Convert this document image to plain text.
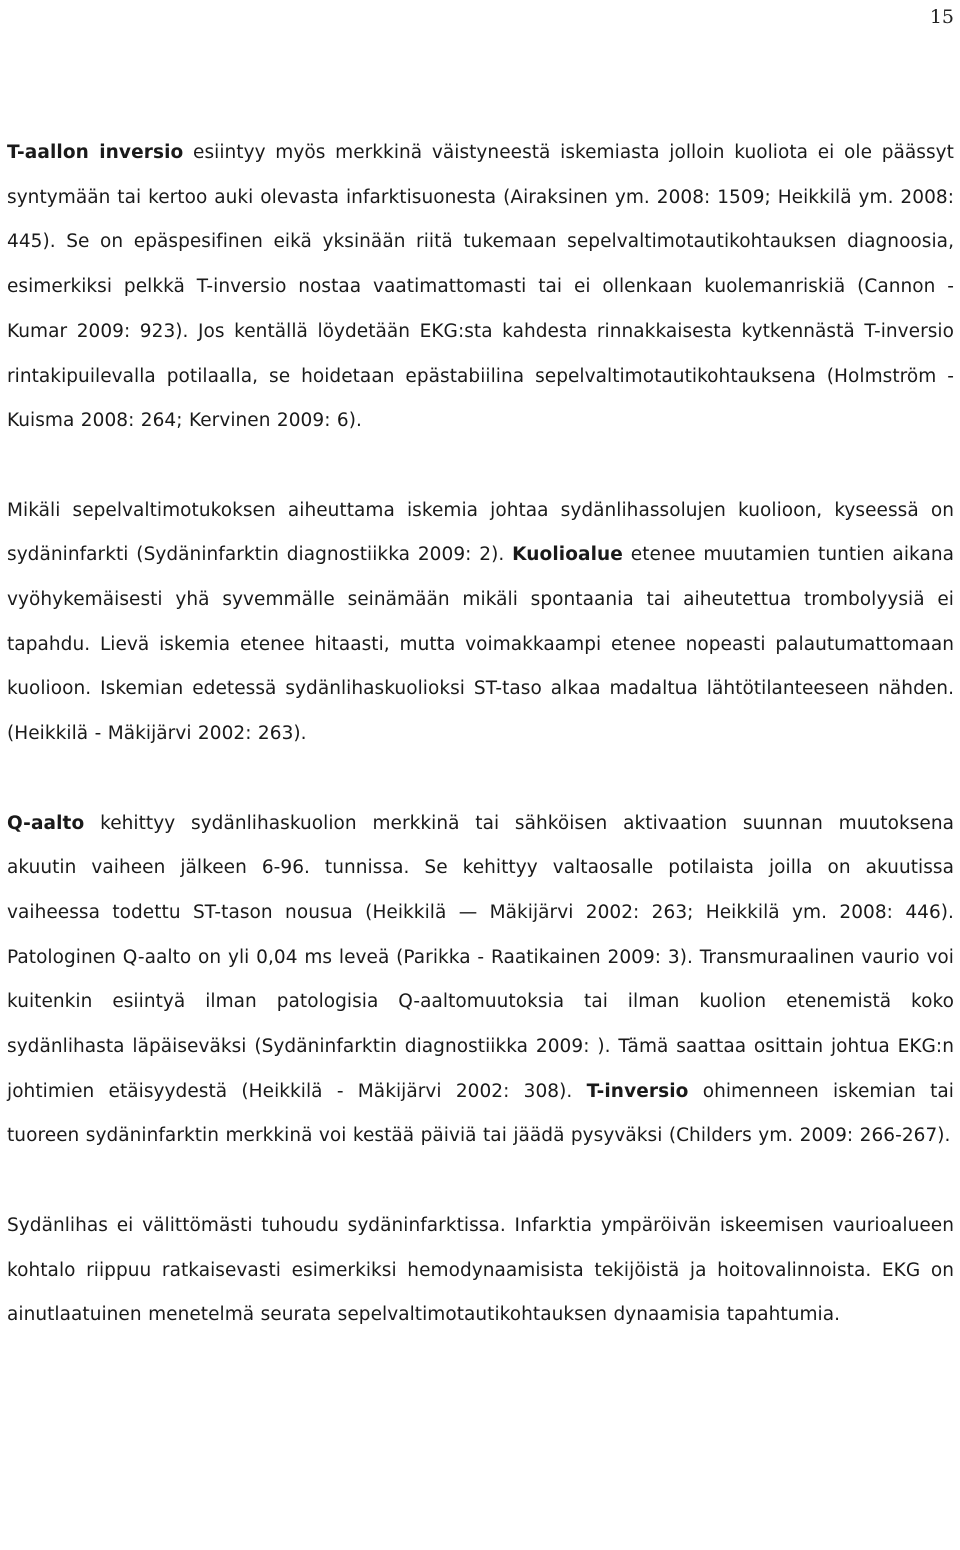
15

T-aallon inversio esiintyy myös merkkinä väistyneestä iskemiasta jolloin kuoliota ei ole päässyt syntymään tai kertoo auki olevasta infarktisuonesta (Airaksinen ym. 2008: 1509; Heikkilä ym. 2008: 445). Se on epäspesifinen eikä yksinään riitä tukemaan sepelvaltimotautikohtauksen diagnoosia, esimerkiksi pelkkä T-inversio nostaa vaatimattomasti tai ei ollenkaan kuolemanriskiä (Cannon - Kumar 2009: 923). Jos kentällä löydetään EKG:sta kahdesta rinnakkaisesta kytkennästä T-inversio rintakipuilevalla potilaalla, se hoidetaan epästabiilina sepelvaltimotautikohtauksena (Holmström - Kuisma 2008: 264; Kervinen 2009: 6).

Mikäli sepelvaltimotukoksen aiheuttama iskemia johtaa sydänlihassolujen kuolioon, kyseessä on sydäninfarkti (Sydäninfarktin diagnostiikka 2009: 2). Kuolioalue etenee muutamien tuntien aikana vyöhykemäisesti yhä syvemmälle seinämään mikäli spontaania tai aiheutettua trombolyysiä ei tapahdu. Lievä iskemia etenee hitaasti, mutta voimakkaampi etenee nopeasti palautumattomaan kuolioon. Iskemian edetessä sydänlihaskuolioksi ST-taso alkaa madaltua lähtötilanteeseen nähden. (Heikkilä - Mäkijärvi 2002: 263).

Q-aalto kehittyy sydänlihaskuolion merkkinä tai sähköisen aktivaation suunnan muutoksena akuutin vaiheen jälkeen 6-96. tunnissa. Se kehittyy valtaosalle potilaista joilla on akuutissa vaiheessa todettu ST-tason nousua (Heikkilä — Mäkijärvi 2002: 263; Heikkilä ym. 2008: 446). Patologinen Q-aalto on yli 0,04 ms leveä (Parikka - Raatikainen 2009: 3). Transmuraalinen vaurio voi kuitenkin esiintyä ilman patologisia Q-aaltomuutoksia tai ilman kuolion etenemistä koko sydänlihasta läpäiseväksi (Sydäninfarktin diagnostiikka 2009: ). Tämä saattaa osittain johtua EKG:n johtimien etäisyydestä (Heikkilä - Mäkijärvi 2002: 308). T-inversio ohimenneen iskemian tai tuoreen sydäninfarktin merkkinä voi kestää päiviä tai jäädä pysyväksi (Childers ym. 2009: 266-267).

Sydänlihas ei välittömästi tuhoudu sydäninfarktissa. Infarktia ympäröivän iskeemisen vaurioalueen kohtalo riippuu ratkaisevasti esimerkiksi hemodynaamisista tekijöistä ja hoitovalinnoista. EKG on ainutlaatuinen menetelmä seurata sepelvaltimotautikohtauksen dynaamisia tapahtumia.
